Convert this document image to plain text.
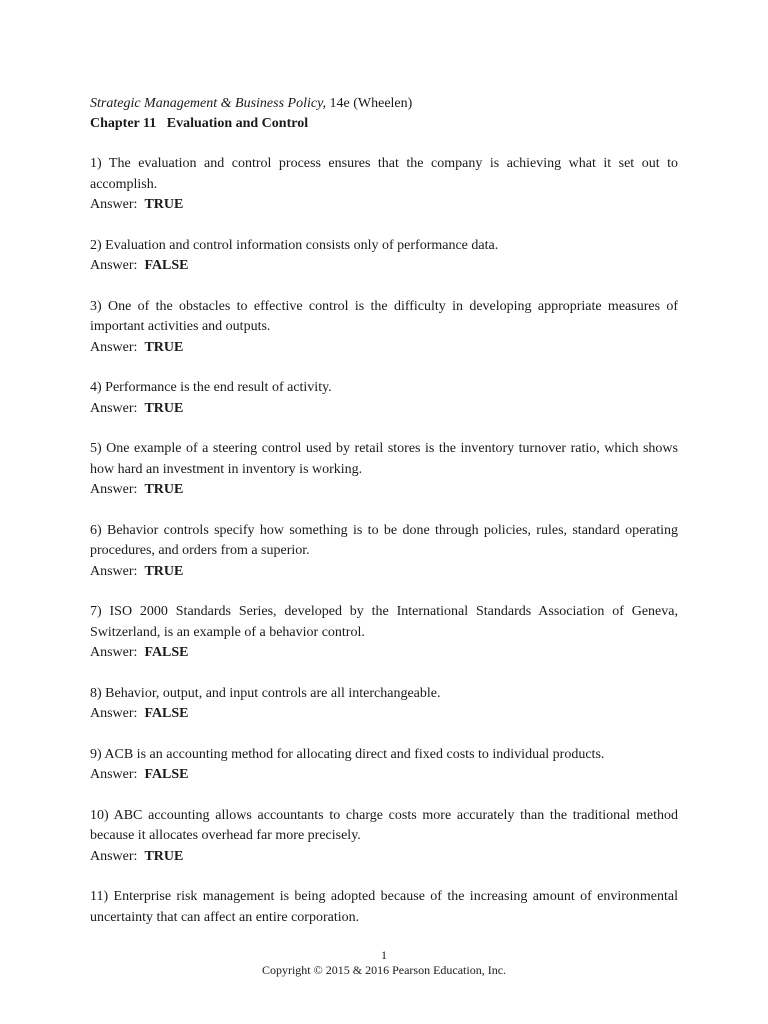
Strategic Management & Business Policy, 14e (Wheelen)
Chapter 11   Evaluation and Control
1) The evaluation and control process ensures that the company is achieving what it set out to accomplish.
Answer:  TRUE
2) Evaluation and control information consists only of performance data.
Answer:  FALSE
3) One of the obstacles to effective control is the difficulty in developing appropriate measures of important activities and outputs.
Answer:  TRUE
4) Performance is the end result of activity.
Answer:  TRUE
5) One example of a steering control used by retail stores is the inventory turnover ratio, which shows how hard an investment in inventory is working.
Answer:  TRUE
6) Behavior controls specify how something is to be done through policies, rules, standard operating procedures, and orders from a superior.
Answer:  TRUE
7) ISO 2000 Standards Series, developed by the International Standards Association of Geneva, Switzerland, is an example of a behavior control.
Answer:  FALSE
8) Behavior, output, and input controls are all interchangeable.
Answer:  FALSE
9) ACB is an accounting method for allocating direct and fixed costs to individual products.
Answer:  FALSE
10) ABC accounting allows accountants to charge costs more accurately than the traditional method because it allocates overhead far more precisely.
Answer:  TRUE
11) Enterprise risk management is being adopted because of the increasing amount of environmental uncertainty that can affect an entire corporation.
1
Copyright © 2015 & 2016 Pearson Education, Inc.
